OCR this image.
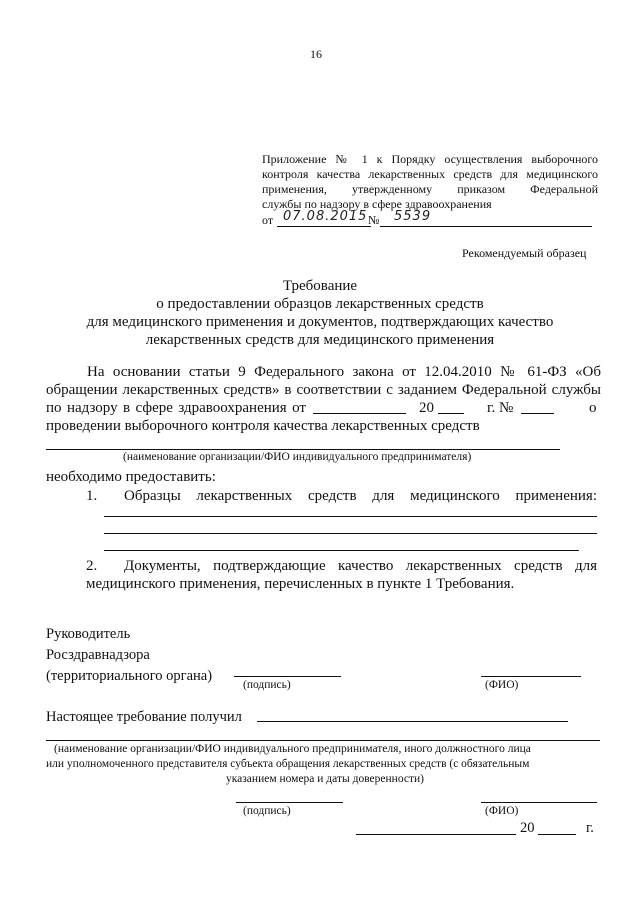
16
Приложение № 1 к Порядку осуществления выборочного
контроля качества лекарственных средств для медицинского
применения, утвержденному приказом Федеральной
службы по надзору в сфере здравоохранения
от 07.08.2015 № 5539
Рекомендуемый образец
Требование
о предоставлении образцов лекарственных средств
для медицинского применения и документов, подтверждающих качество
лекарственных средств для медицинского применения
На основании статьи 9 Федерального закона от 12.04.2010 № 61-ФЗ «Об
обращении лекарственных средств» в соответствии с заданием Федеральной службы
по надзору в сфере здравоохранения от	20	г. №	о
проведении выборочного контроля качества лекарственных средств
(наименование организации/ФИО индивидуального предпринимателя)
необходимо предоставить:
1. Образцы лекарственных средств для медицинского применения:
2. Документы, подтверждающие качество лекарственных средств для
медицинского применения, перечисленных в пункте 1 Требования.
Руководитель
Росздравнадзора
(территориального органа)
(подпись)	(ФИО)
Настоящее требование получил
(наименование организации/ФИО индивидуального предпринимателя, иного должностного лица
или уполномоченного представителя субъекта обращения лекарственных средств (с обязательным
указанием номера и даты доверенности)
(подпись)	(ФИО)
20	г.
